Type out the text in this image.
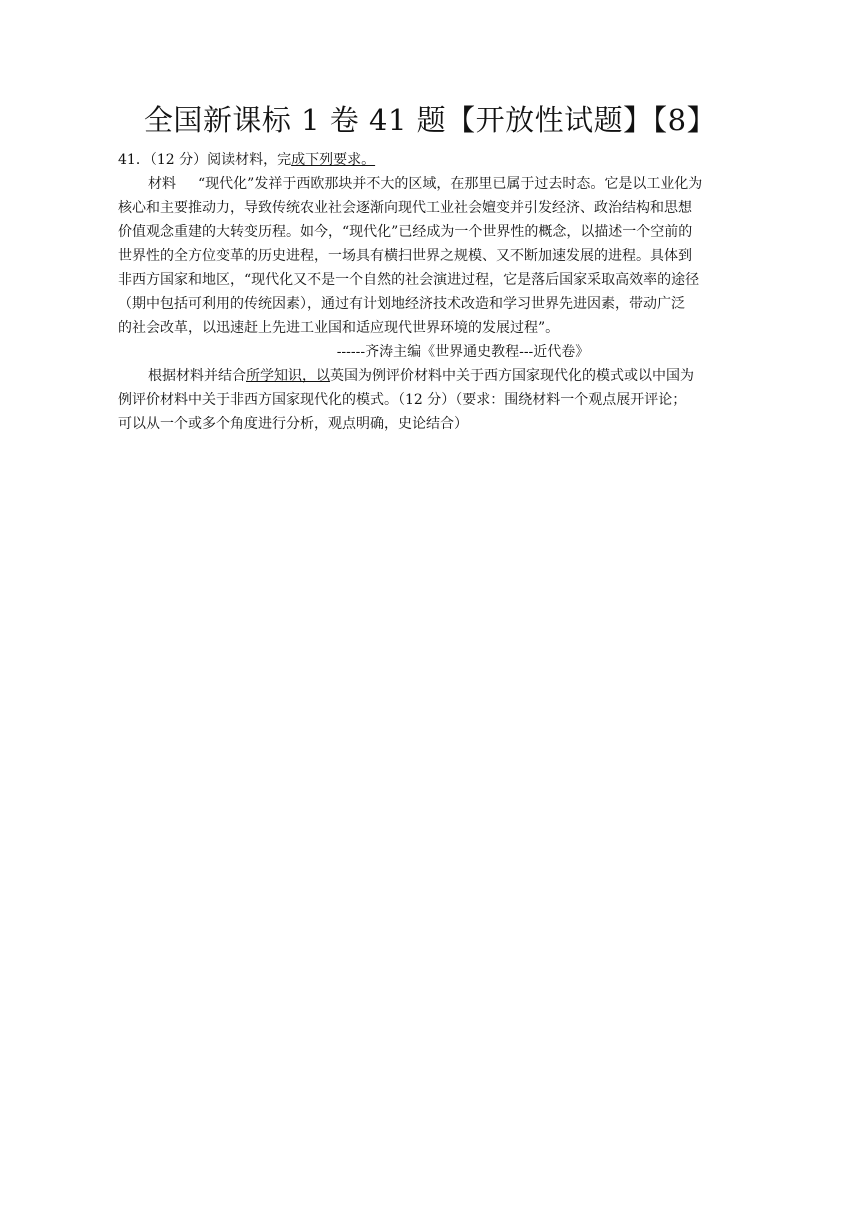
全国新课标 1 卷 41 题【开放性试题】【8】
41．（12 分）阅读材料，完成下列要求。
材料 “现代化”发祥于西欧那块并不大的区域，在那里已属于过去时态。它是以工业化为
核心和主要推动力，导致传统农业社会逐渐向现代工业社会嬗变并引发经济、政治结构和思想
价值观念重建的大转变历程。如今，“现代化”已经成为一个世界性的概念，以描述一个空前的
世界性的全方位变革的历史进程，一场具有横扫世界之规模、又不断加速发展的进程。具体到
非西方国家和地区，“现代化又不是一个自然的社会演进过程，它是落后国家采取高效率的途径
（期中包括可利用的传统因素），通过有计划地经济技术改造和学习世界先进因素，带动广泛
的社会改革，以迅速赶上先进工业国和适应现代世界环境的发展过程”。
------齐涛主编《世界通史教程---近代卷》
根据材料并结合所学知识，以英国为例评价材料中关于西方国家现代化的模式或以中国为
例评价材料中关于非西方国家现代化的模式。（12 分）（要求：围绕材料一个观点展开评论；
可以从一个或多个角度进行分析，观点明确，史论结合）
